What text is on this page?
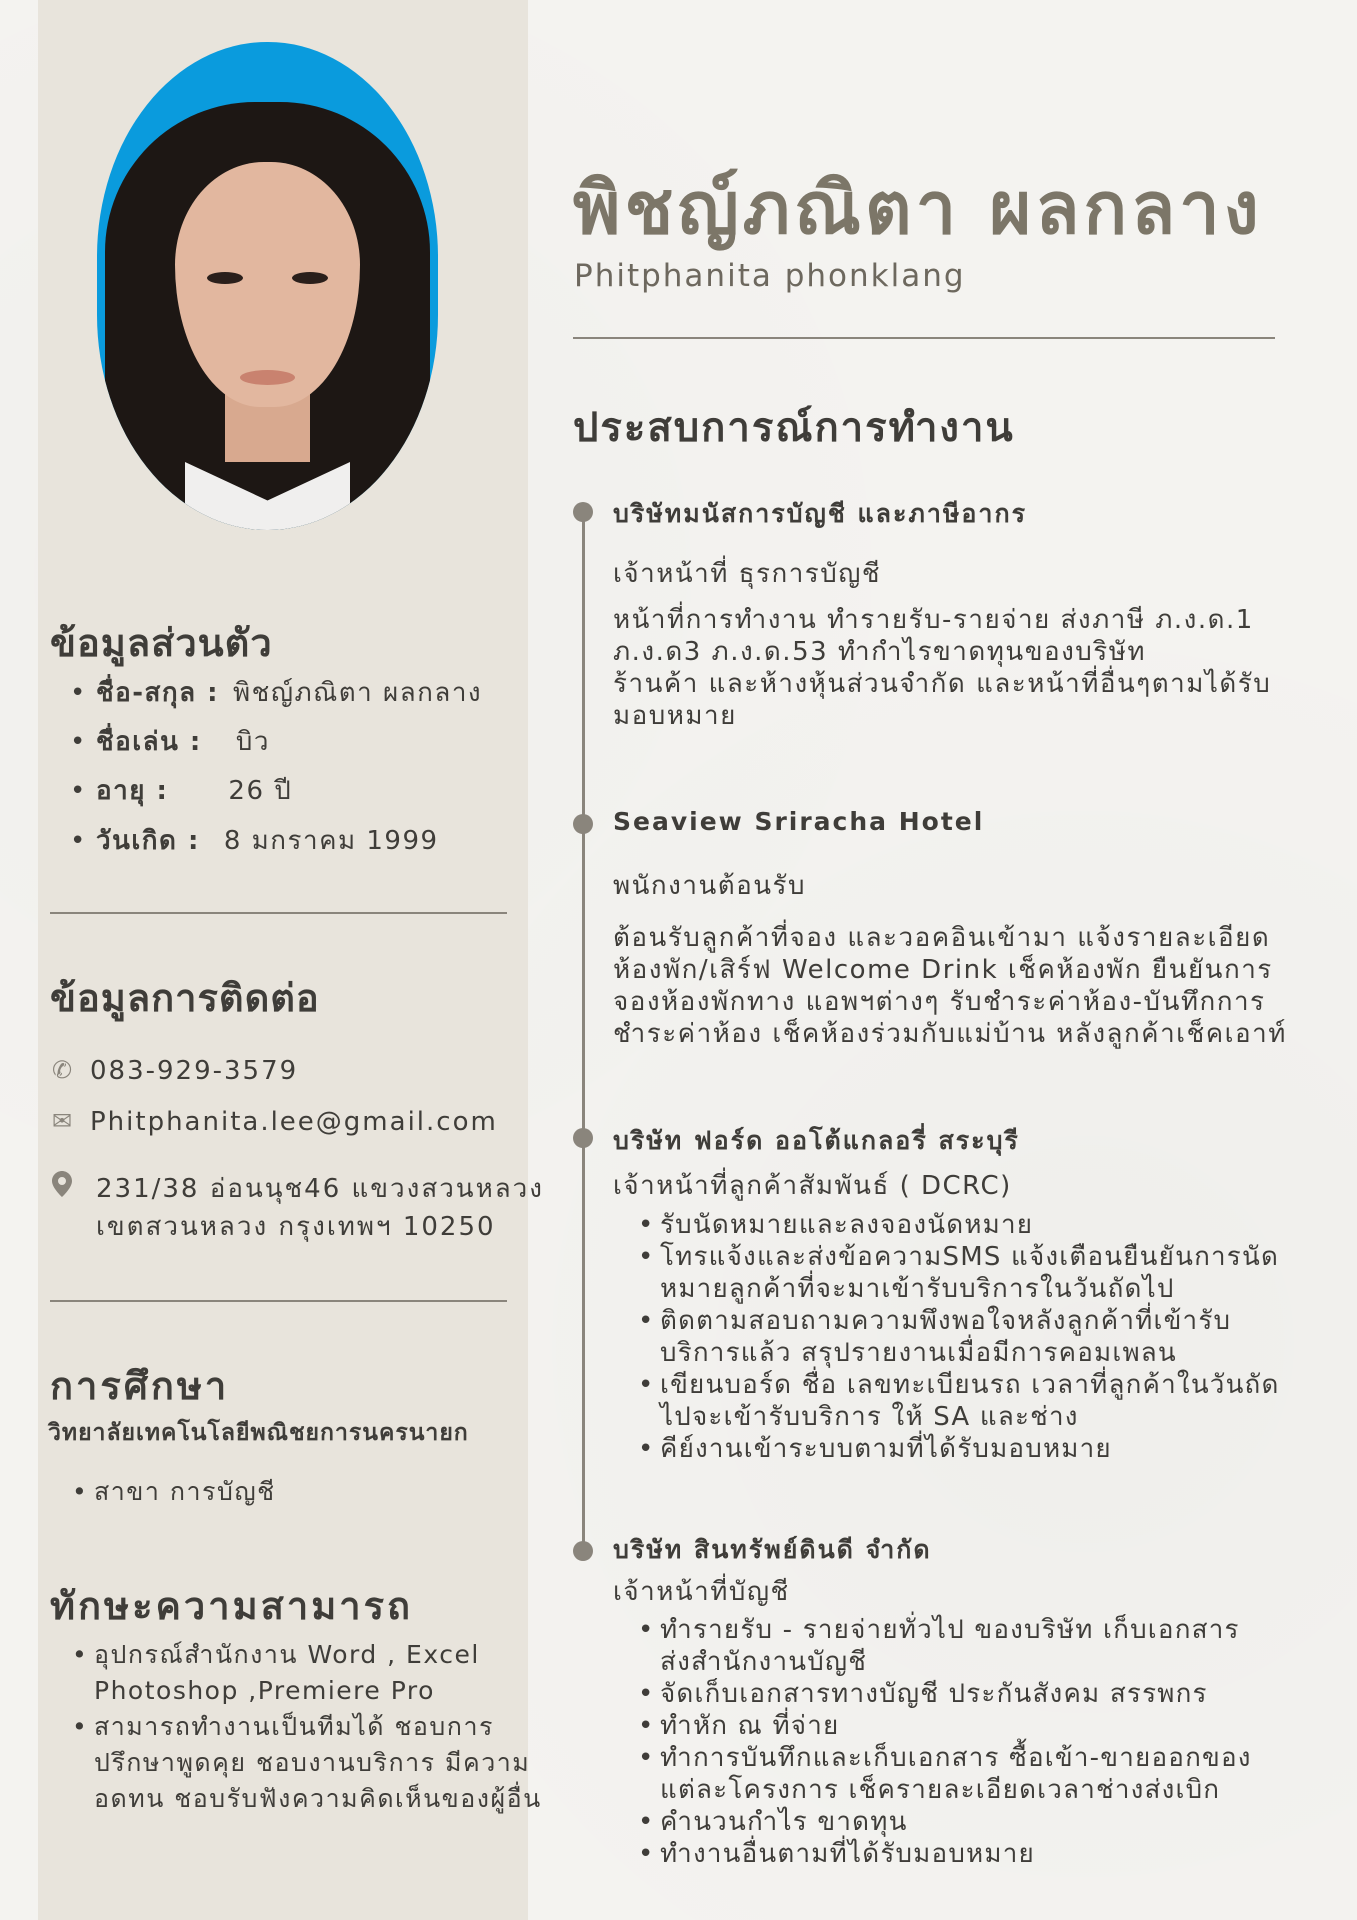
ข้อมูลส่วนตัว
• ชื่อ-สกุล : พิชญ์ภณิตา ผลกลาง
• ชื่อเล่น : บิว
• อายุ : 26 ปี
• วันเกิด : 8 มกราคม 1999
ข้อมูลการติดต่อ
✆ 083-929-3579
✉ Phitphanita.lee@gmail.com
231/38 อ่อนนุช46 แขวงสวนหลวง
เขตสวนหลวง กรุงเทพฯ 10250
การศึกษา
วิทยาลัยเทคโนโลยีพณิชยการนครนายก
• สาขา การบัญชี
ทักษะความสามารถ
• อุปกรณ์สำนักงาน Word , Excel
Photoshop ,Premiere Pro
• สามารถทำงานเป็นทีมได้ ชอบการ
ปรึกษาพูดคุย ชอบงานบริการ มีความ
อดทน ชอบรับฟังความคิดเห็นของผู้อื่น
พิชญ์ภณิตา ผลกลาง
Phitphanita phonklang
ประสบการณ์การทำงาน
บริษัทมนัสการบัญชี และภาษีอากร
เจ้าหน้าที่ ธุรการบัญชี
หน้าที่การทำงาน ทำรายรับ-รายจ่าย ส่งภาษี ภ.ง.ด.1
ภ.ง.ด3 ภ.ง.ด.53 ทำกำไรขาดทุนของบริษัท
ร้านค้า และห้างหุ้นส่วนจำกัด และหน้าที่อื่นๆตามได้รับ
มอบหมาย
Seaview Sriracha Hotel
พนักงานต้อนรับ
ต้อนรับลูกค้าที่จอง และวอคอินเข้ามา แจ้งรายละเอียด
ห้องพัก/เสิร์ฟ Welcome Drink เช็คห้องพัก ยืนยันการ
จองห้องพักทาง แอพฯต่างๆ รับชำระค่าห้อง-บันทึกการ
ชำระค่าห้อง เช็คห้องร่วมกับแม่บ้าน หลังลูกค้าเช็คเอาท์
บริษัท ฟอร์ด ออโต้แกลอรี่ สระบุรี
เจ้าหน้าที่ลูกค้าสัมพันธ์ ( DCRC)
• รับนัดหมายและลงจองนัดหมาย
• โทรแจ้งและส่งข้อความSMS แจ้งเตือนยืนยันการนัด
หมายลูกค้าที่จะมาเข้ารับบริการในวันถัดไป
• ติดตามสอบถามความพึงพอใจหลังลูกค้าที่เข้ารับ
บริการแล้ว สรุปรายงานเมื่อมีการคอมเพลน
• เขียนบอร์ด ชื่อ เลขทะเบียนรถ เวลาที่ลูกค้าในวันถัด
ไปจะเข้ารับบริการ ให้ SA และช่าง
• คีย์งานเข้าระบบตามที่ได้รับมอบหมาย
บริษัท สินทรัพย์ดินดี จำกัด
เจ้าหน้าที่บัญชี
• ทำรายรับ - รายจ่ายทั่วไป ของบริษัท เก็บเอกสาร
ส่งสำนักงานบัญชี
• จัดเก็บเอกสารทางบัญชี ประกันสังคม สรรพกร
• ทำหัก ณ ที่จ่าย
• ทำการบันทึกและเก็บเอกสาร ซื้อเข้า-ขายออกของ
แต่ละโครงการ เช็ครายละเอียดเวลาช่างส่งเบิก
• คำนวนกำไร ขาดทุน
• ทำงานอื่นตามที่ได้รับมอบหมาย
